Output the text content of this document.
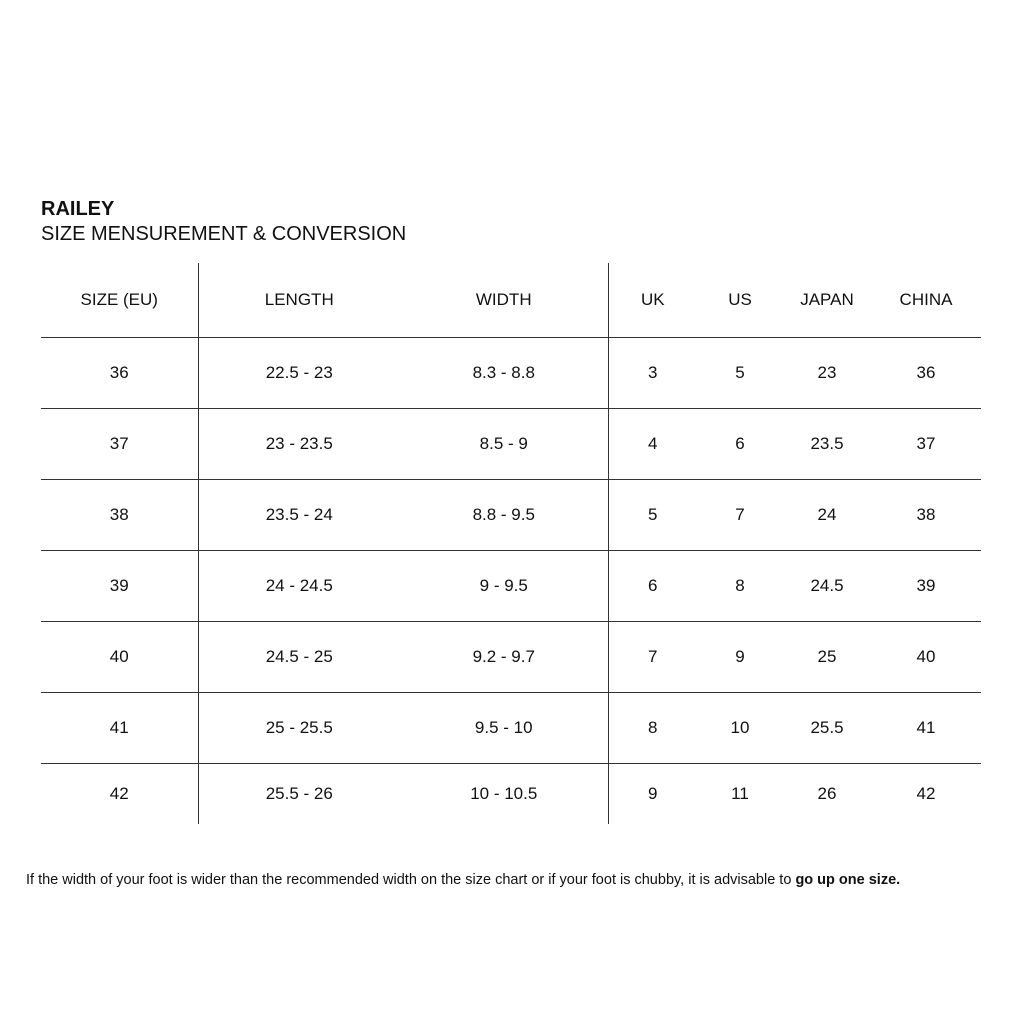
RAILEY
SIZE MENSUREMENT & CONVERSION
SIZE (EU)	LENGTH	WIDTH	UK	US	JAPAN	CHINA
36	22.5 - 23	8.3 - 8.8	3	5	23	36
37	23 - 23.5	8.5 - 9	4	6	23.5	37
38	23.5 - 24	8.8 - 9.5	5	7	24	38
39	24 - 24.5	9 - 9.5	6	8	24.5	39
40	24.5 - 25	9.2 - 9.7	7	9	25	40
41	25 - 25.5	9.5 - 10	8	10	25.5	41
42	25.5 - 26	10 - 10.5	9	11	26	42

If the width of your foot is wider than the recommended width on the size chart or if your foot is chubby, it is advisable to go up one size.
